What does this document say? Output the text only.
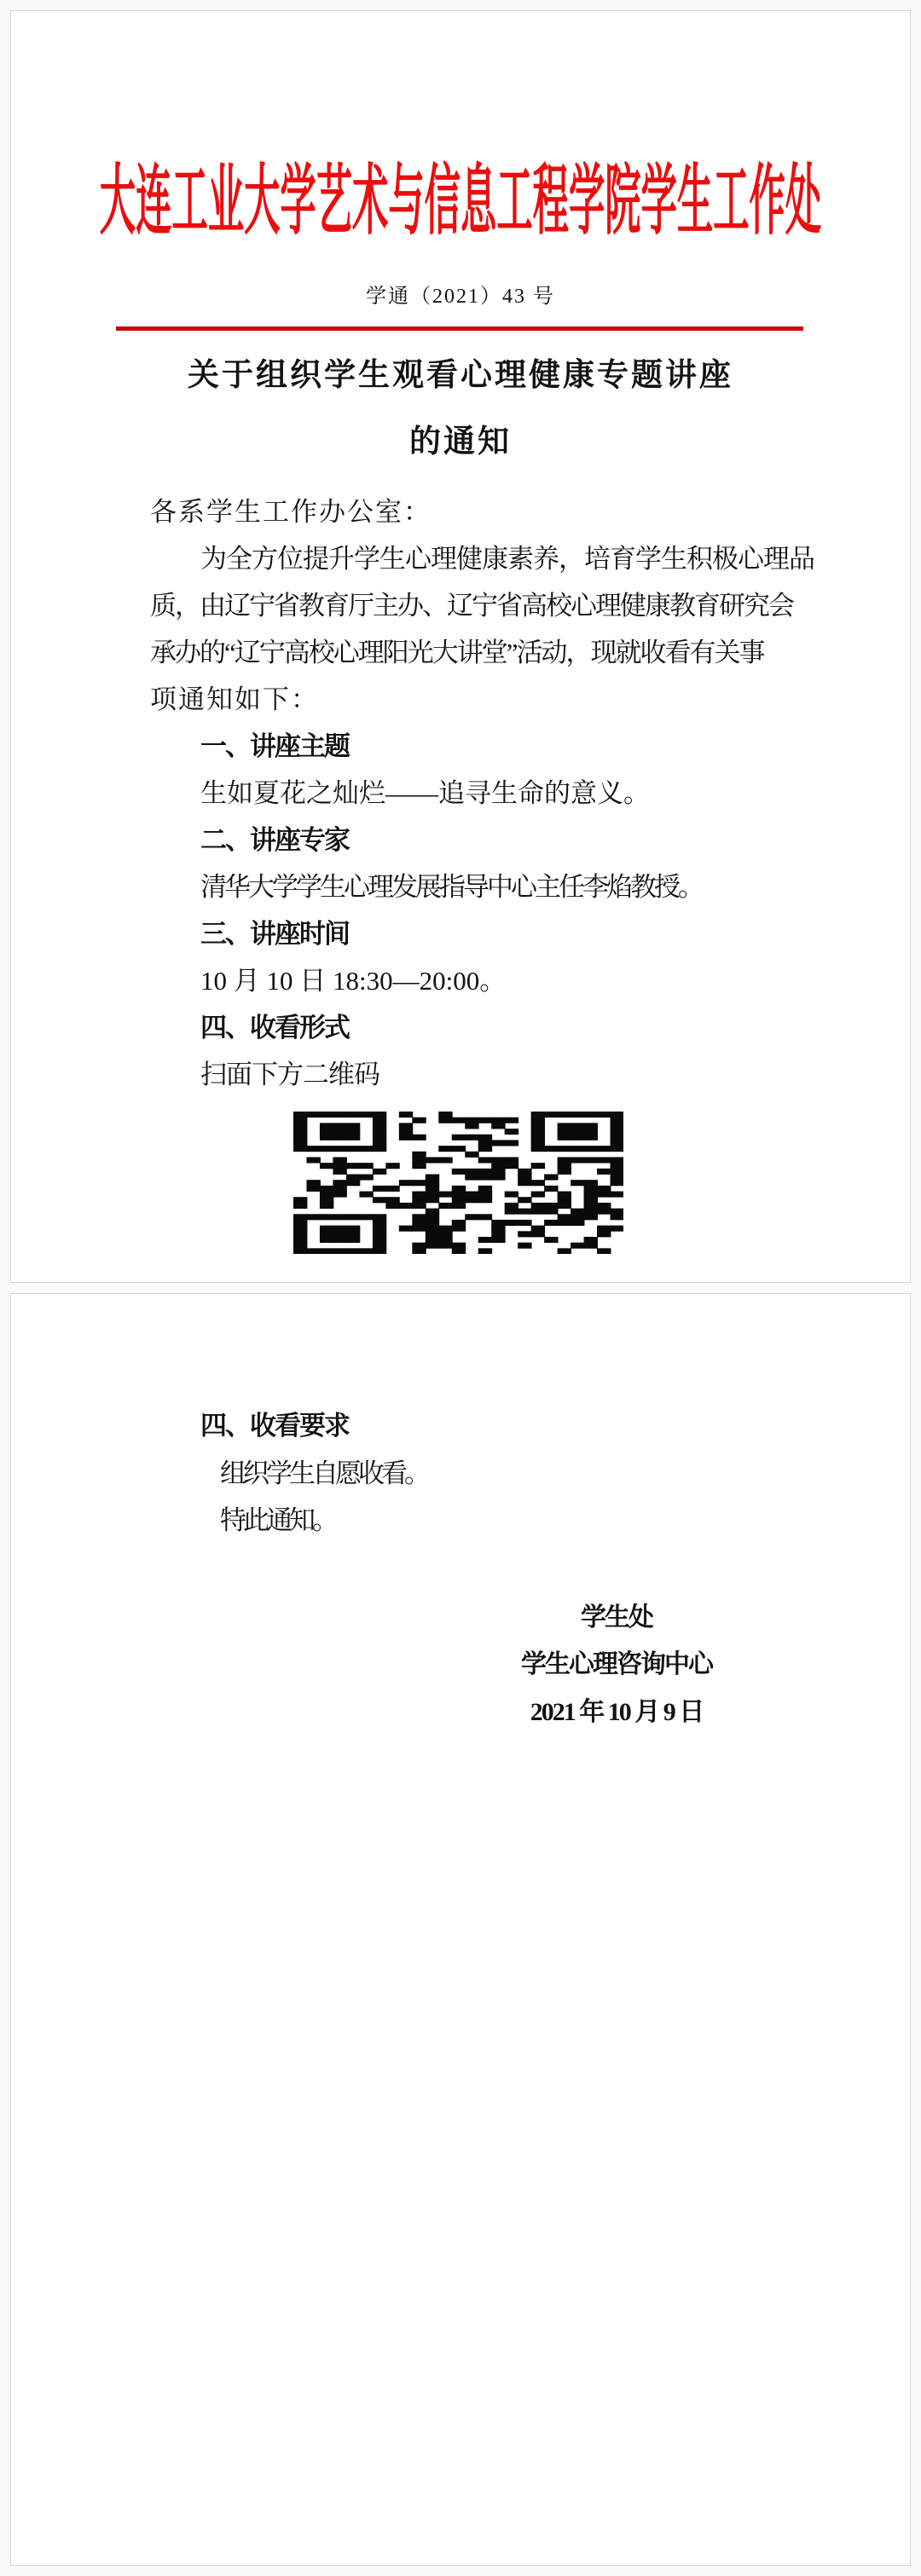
大连工业大学艺术与信息工程学院学生工作处
学通（2021）43 号
关于组织学生观看心理健康专题讲座
的通知
各系学生工作办公室：
为全方位提升学生心理健康素养，培育学生积极心理品
质，由辽宁省教育厅主办、辽宁省高校心理健康教育研究会
承办的“辽宁高校心理阳光大讲堂”活动，现就收看有关事
项通知如下：
一、讲座主题
生如夏花之灿烂——追寻生命的意义。
二、讲座专家
清华大学学生心理发展指导中心主任李焰教授。
三、讲座时间
10 月 10 日 18:30—20:00。
四、收看形式
扫面下方二维码
四、收看要求
组织学生自愿收看。
特此通知。
学生处
学生心理咨询中心
2021 年 10 月 9 日
